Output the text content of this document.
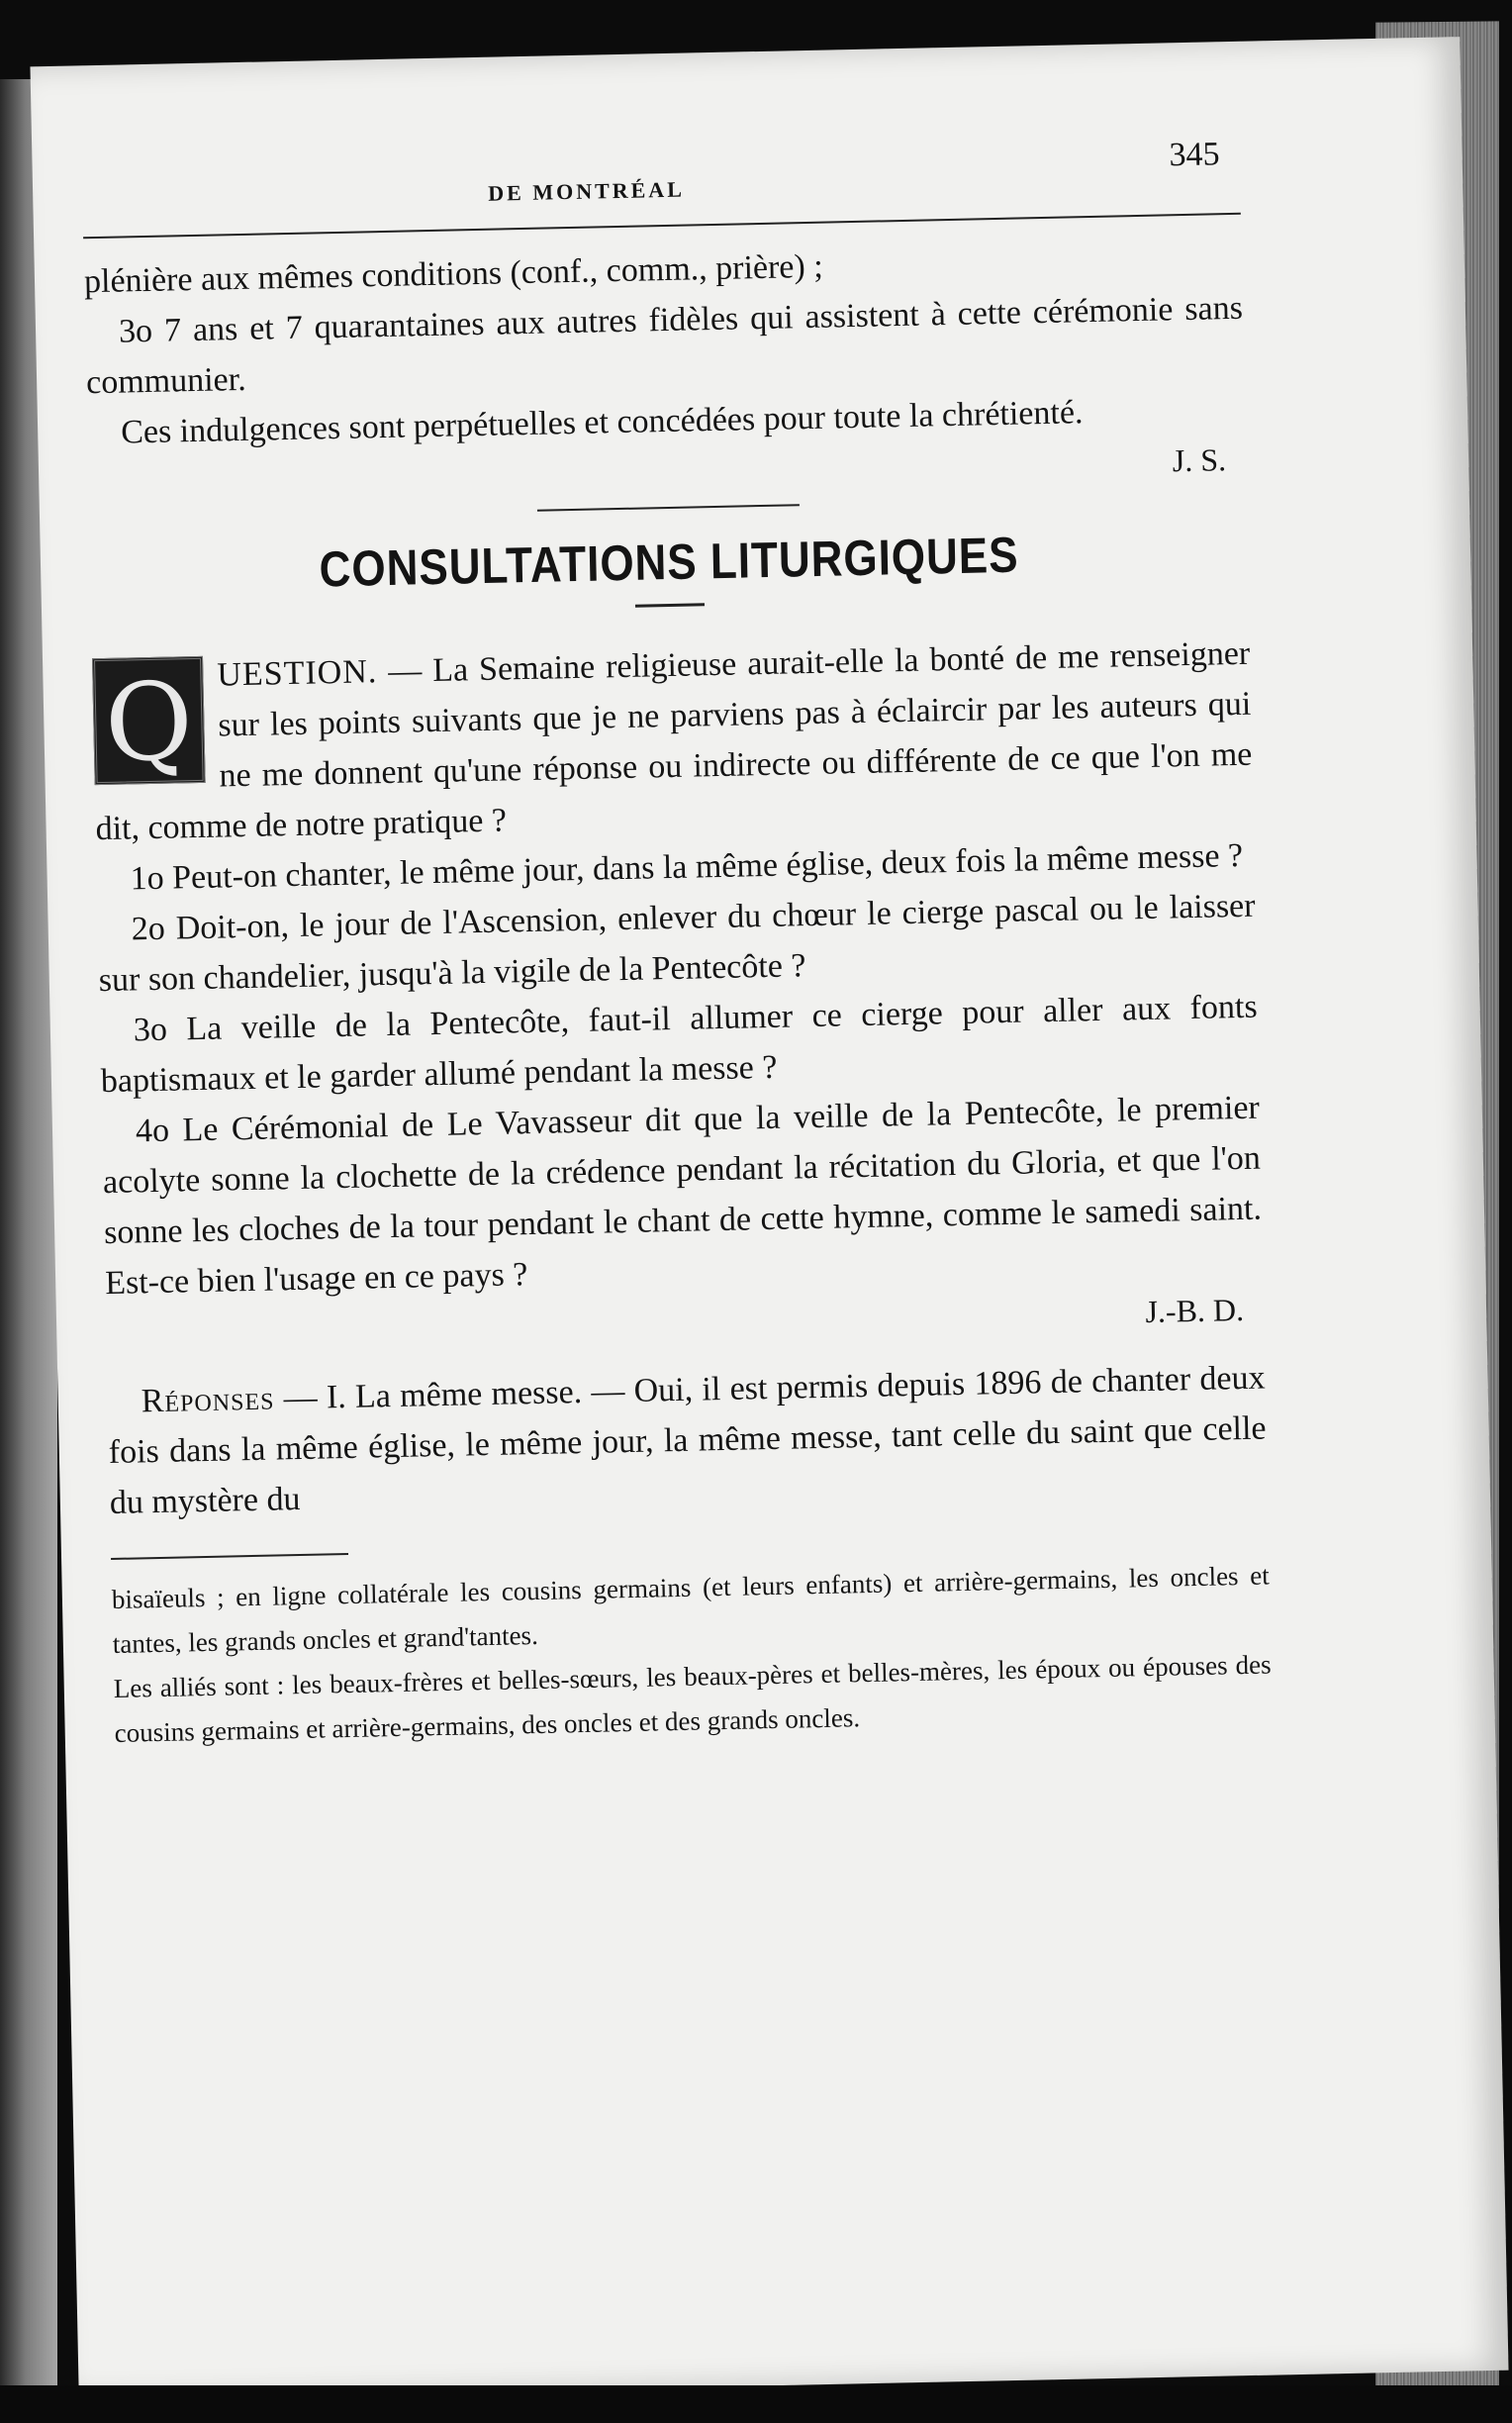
DE MONTRÉAL
345

plénière aux mêmes conditions (conf., comm., prière) ;

3o 7 ans et 7 quarantaines aux autres fidèles qui assistent à cette cérémonie sans communier.

Ces indulgences sont perpétuelles et concédées pour toute la chrétienté.

J. S.

CONSULTATIONS LITURGIQUES

Q UESTION. — La Semaine religieuse aurait-elle la bonté de me renseigner sur les points suivants que je ne parviens pas à éclaircir par les auteurs qui ne me donnent qu'une réponse ou indirecte ou différente de ce que l'on me dit, comme de notre pratique ?

1o Peut-on chanter, le même jour, dans la même église, deux fois la même messe ?

2o Doit-on, le jour de l'Ascension, enlever du chœur le cierge pascal ou le laisser sur son chandelier, jusqu'à la vigile de la Pentecôte ?

3o La veille de la Pentecôte, faut-il allumer ce cierge pour aller aux fonts baptismaux et le garder allumé pendant la messe ?

4o Le Cérémonial de Le Vavasseur dit que la veille de la Pentecôte, le premier acolyte sonne la clochette de la crédence pendant la récitation du Gloria, et que l'on sonne les cloches de la tour pendant le chant de cette hymne, comme le samedi saint. Est-ce bien l'usage en ce pays ?

J.-B. D.

Réponses — I. La même messe. — Oui, il est permis depuis 1896 de chanter deux fois dans la même église, le même jour, la même messe, tant celle du saint que celle du mystère du

bisaïeuls ; en ligne collatérale les cousins germains (et leurs enfants) et arrière-germains, les oncles et tantes, les grands oncles et grand'tantes.

Les alliés sont : les beaux-frères et belles-sœurs, les beaux-pères et belles-mères, les époux ou épouses des cousins germains et arrière-germains, des oncles et des grands oncles.
